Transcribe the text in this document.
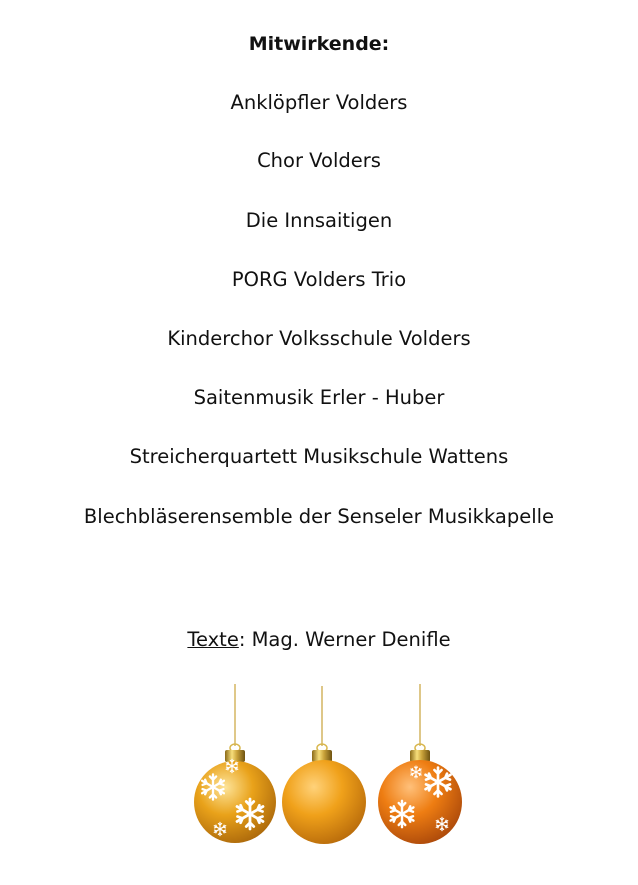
Mitwirkende:
Anklöpfler Volders
Chor Volders
Die Innsaitigen
PORG Volders Trio
Kinderchor Volksschule Volders
Saitenmusik Erler - Huber
Streicherquartett Musikschule Wattens
Blechbläserensemble der Senseler Musikkapelle
Texte: Mag. Werner Denifle
